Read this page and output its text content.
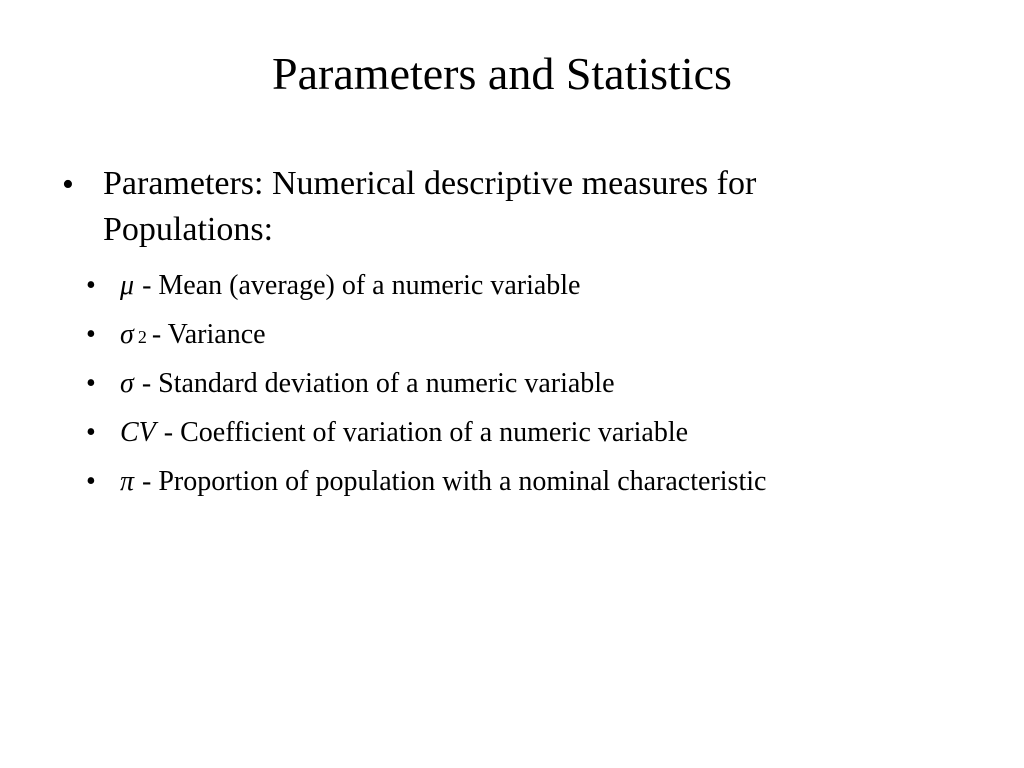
Parameters and Statistics
• Parameters: Numerical descriptive measures for Populations:
• μ - Mean (average) of a numeric variable
• σ 2 - Variance
• σ - Standard deviation of a numeric variable
• CV - Coefficient of variation of a numeric variable
• π - Proportion of population with a nominal characteristic
